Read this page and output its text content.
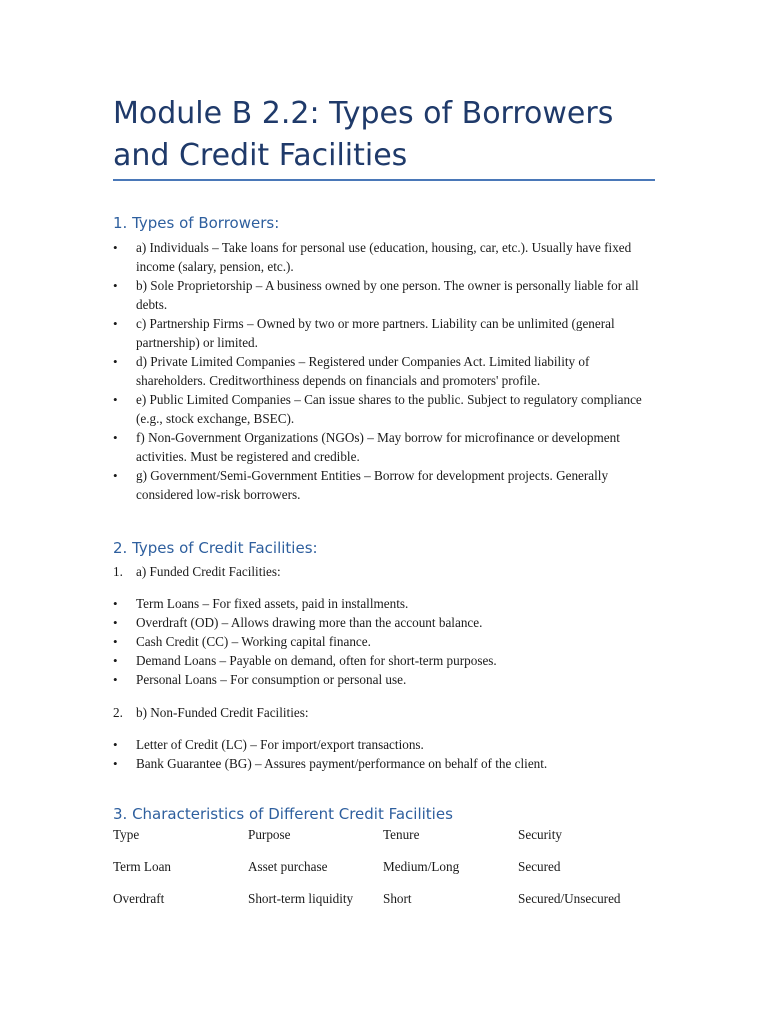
Module B 2.2: Types of Borrowers and Credit Facilities
1. Types of Borrowers:
• a) Individuals – Take loans for personal use (education, housing, car, etc.). Usually have fixed income (salary, pension, etc.).
• b) Sole Proprietorship – A business owned by one person. The owner is personally liable for all debts.
• c) Partnership Firms – Owned by two or more partners. Liability can be unlimited (general partnership) or limited.
• d) Private Limited Companies – Registered under Companies Act. Limited liability of shareholders. Creditworthiness depends on financials and promoters' profile.
• e) Public Limited Companies – Can issue shares to the public. Subject to regulatory compliance (e.g., stock exchange, BSEC).
• f) Non-Government Organizations (NGOs) – May borrow for microfinance or development activities. Must be registered and credible.
• g) Government/Semi-Government Entities – Borrow for development projects. Generally considered low-risk borrowers.
2. Types of Credit Facilities:
1. a) Funded Credit Facilities:
• Term Loans – For fixed assets, paid in installments.
• Overdraft (OD) – Allows drawing more than the account balance.
• Cash Credit (CC) – Working capital finance.
• Demand Loans – Payable on demand, often for short-term purposes.
• Personal Loans – For consumption or personal use.
2. b) Non-Funded Credit Facilities:
• Letter of Credit (LC) – For import/export transactions.
• Bank Guarantee (BG) – Assures payment/performance on behalf of the client.
3. Characteristics of Different Credit Facilities
Type	Purpose	Tenure	Security
Term Loan	Asset purchase	Medium/Long	Secured
Overdraft	Short-term liquidity	Short	Secured/Unsecured
